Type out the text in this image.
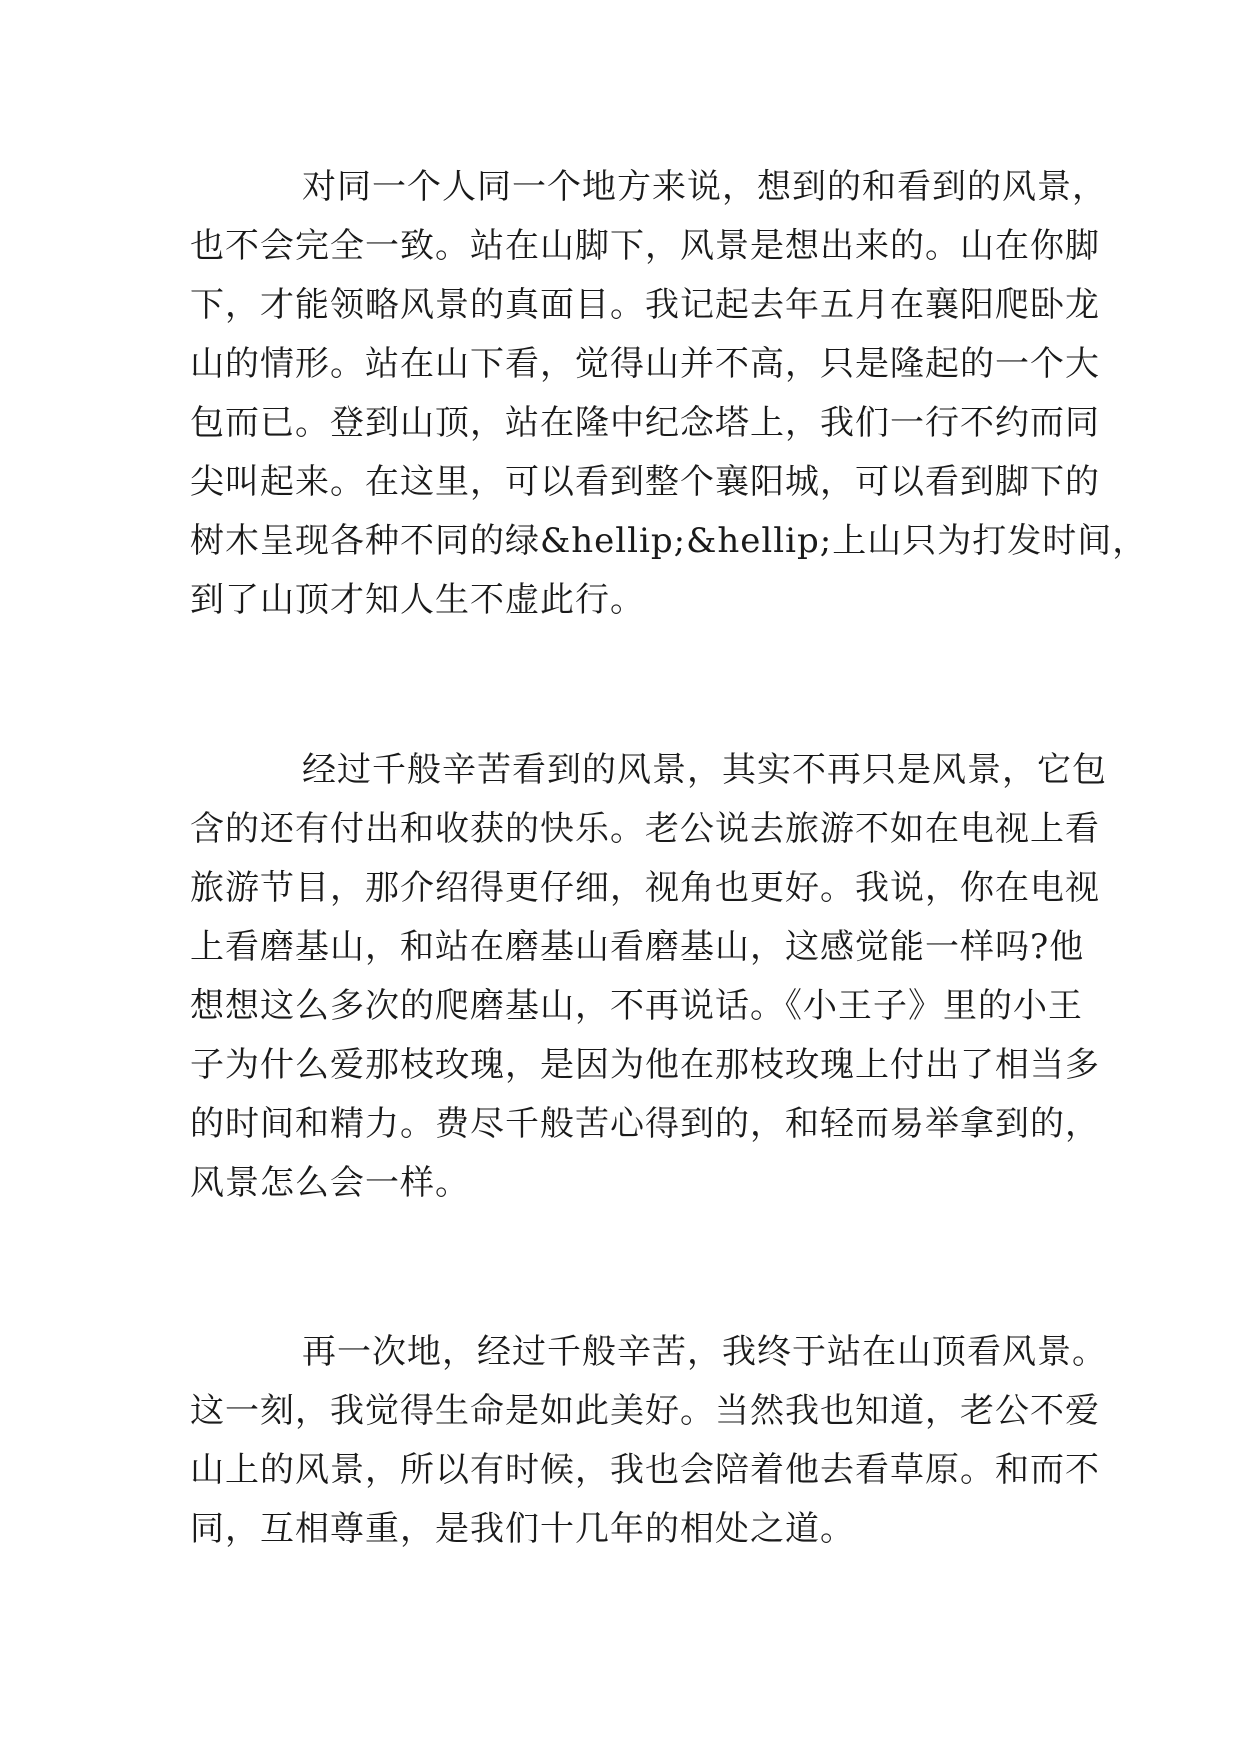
对同一个人同一个地方来说，想到的和看到的风景，
也不会完全一致。站在山脚下，风景是想出来的。山在你脚
下，才能领略风景的真面目。我记起去年五月在襄阳爬卧龙
山的情形。站在山下看，觉得山并不高，只是隆起的一个大
包而已。登到山顶，站在隆中纪念塔上，我们一行不约而同
尖叫起来。在这里，可以看到整个襄阳城，可以看到脚下的
树木呈现各种不同的绿&hellip;&hellip;上山只为打发时间，
到了山顶才知人生不虚此行。
经过千般辛苦看到的风景，其实不再只是风景，它包
含的还有付出和收获的快乐。老公说去旅游不如在电视上看
旅游节目，那介绍得更仔细，视角也更好。我说，你在电视
上看磨基山，和站在磨基山看磨基山，这感觉能一样吗?他
想想这么多次的爬磨基山，不再说话。《小王子》里的小王
子为什么爱那枝玫瑰，是因为他在那枝玫瑰上付出了相当多
的时间和精力。费尽千般苦心得到的，和轻而易举拿到的，
风景怎么会一样。
再一次地，经过千般辛苦，我终于站在山顶看风景。
这一刻，我觉得生命是如此美好。当然我也知道，老公不爱
山上的风景，所以有时候，我也会陪着他去看草原。和而不
同，互相尊重，是我们十几年的相处之道。
